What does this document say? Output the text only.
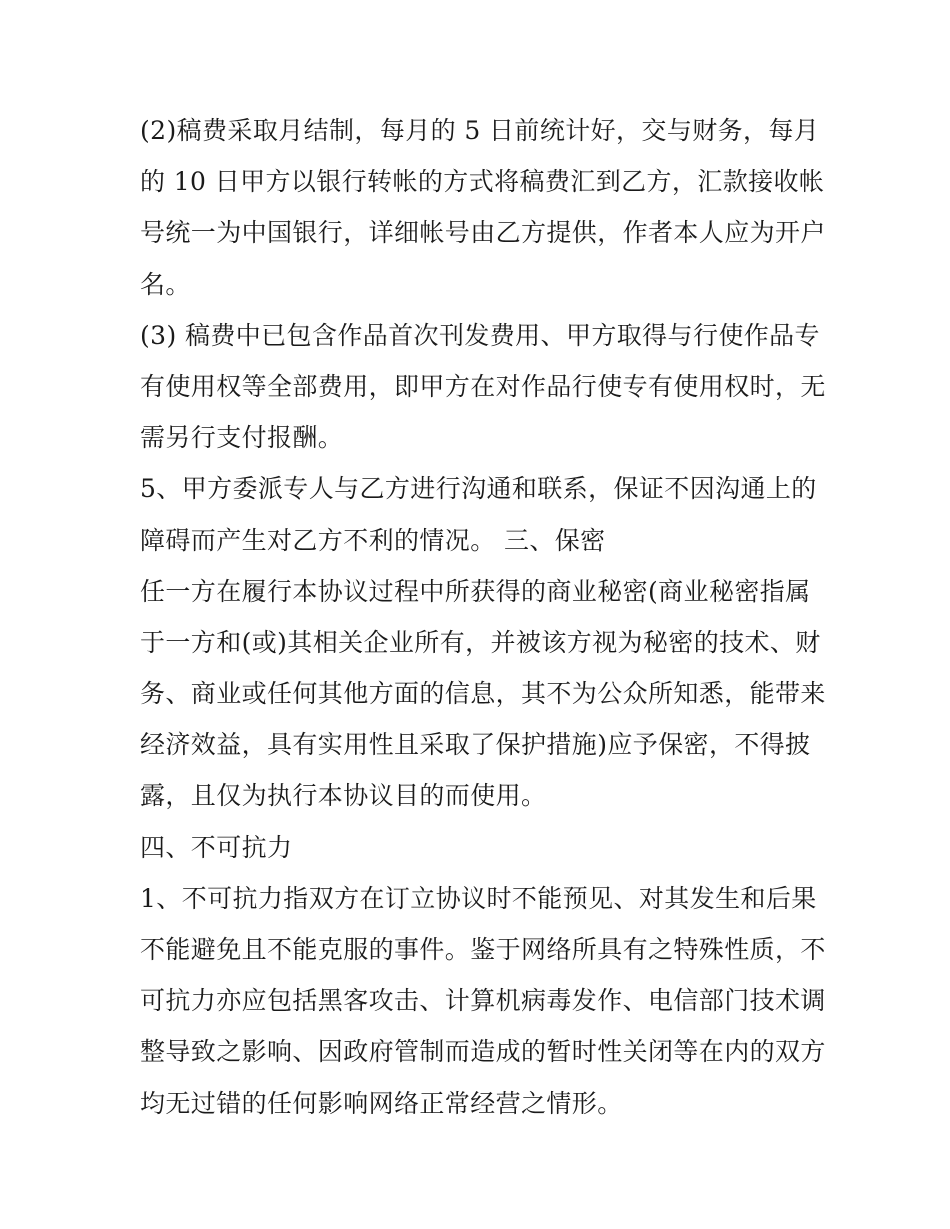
(2)稿费采取月结制，每月的 5 日前统计好，交与财务，每月
的 10 日甲方以银行转帐的方式将稿费汇到乙方，汇款接收帐
号统一为中国银行，详细帐号由乙方提供，作者本人应为开户
名。
(3) 稿费中已包含作品首次刊发费用、甲方取得与行使作品专
有使用权等全部费用，即甲方在对作品行使专有使用权时，无
需另行支付报酬。
5、甲方委派专人与乙方进行沟通和联系，保证不因沟通上的
障碍而产生对乙方不利的情况。 三、保密
任一方在履行本协议过程中所获得的商业秘密(商业秘密指属
于一方和(或)其相关企业所有，并被该方视为秘密的技术、财
务、商业或任何其他方面的信息，其不为公众所知悉，能带来
经济效益，具有实用性且采取了保护措施)应予保密，不得披
露，且仅为执行本协议目的而使用。
四、不可抗力
1、不可抗力指双方在订立协议时不能预见、对其发生和后果
不能避免且不能克服的事件。鉴于网络所具有之特殊性质，不
可抗力亦应包括黑客攻击、计算机病毒发作、电信部门技术调
整导致之影响、因政府管制而造成的暂时性关闭等在内的双方
均无过错的任何影响网络正常经营之情形。
